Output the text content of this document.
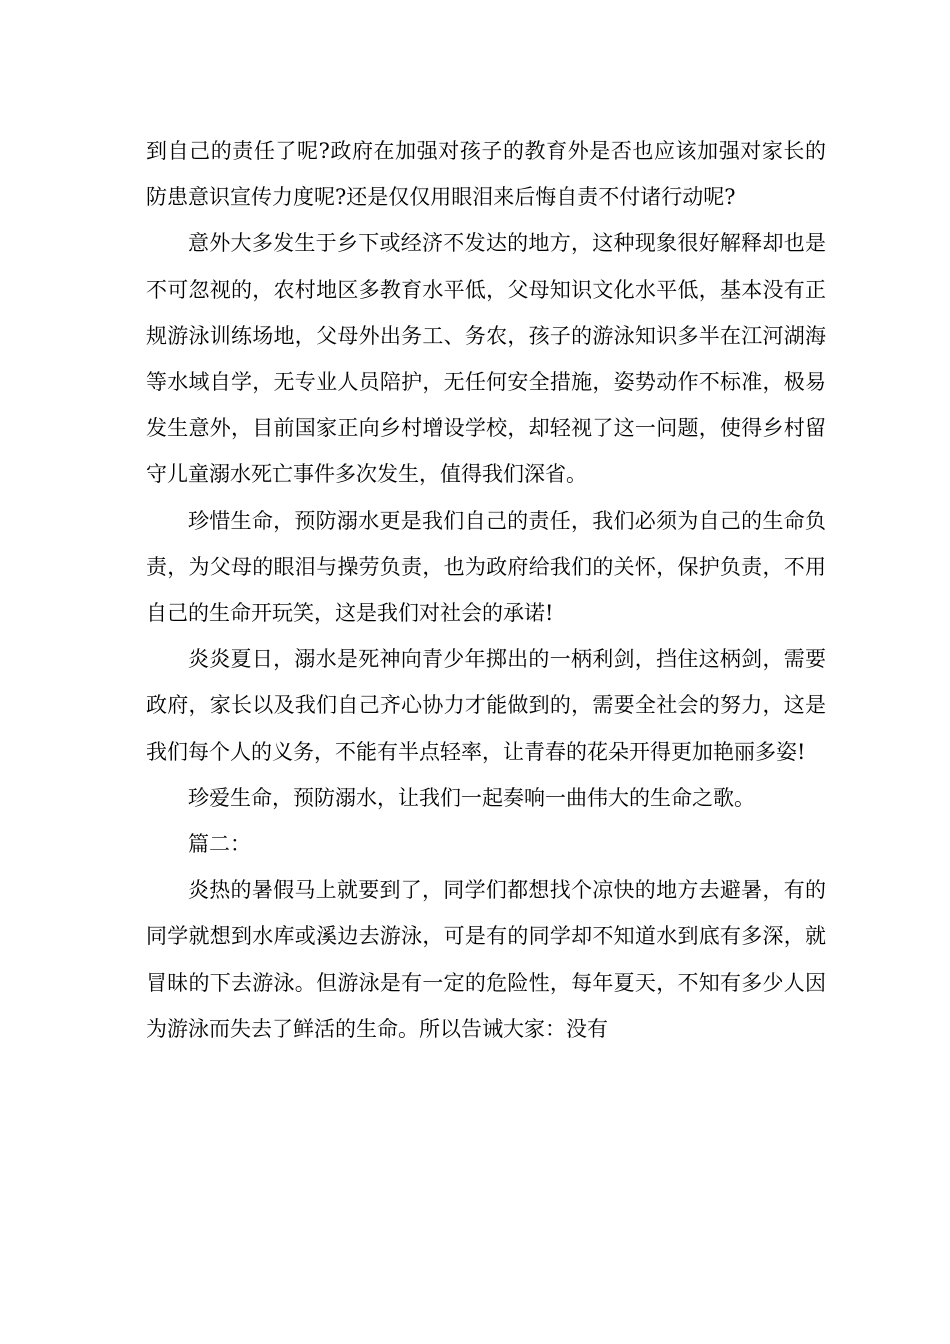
到自己的责任了呢?政府在加强对孩子的教育外是否也应该加强对家长的防患意识宣传力度呢?还是仅仅用眼泪来后悔自责不付诸行动呢?

意外大多发生于乡下或经济不发达的地方，这种现象很好解释却也是不可忽视的，农村地区多教育水平低，父母知识文化水平低，基本没有正规游泳训练场地，父母外出务工、务农，孩子的游泳知识多半在江河湖海等水域自学，无专业人员陪护，无任何安全措施，姿势动作不标准，极易发生意外，目前国家正向乡村增设学校，却轻视了这一问题，使得乡村留守儿童溺水死亡事件多次发生，值得我们深省。

珍惜生命，预防溺水更是我们自己的责任，我们必须为自己的生命负责，为父母的眼泪与操劳负责，也为政府给我们的关怀，保护负责，不用自己的生命开玩笑，这是我们对社会的承诺!

炎炎夏日，溺水是死神向青少年掷出的一柄利剑，挡住这柄剑，需要政府，家长以及我们自己齐心协力才能做到的，需要全社会的努力，这是我们每个人的义务，不能有半点轻率，让青春的花朵开得更加艳丽多姿!

珍爱生命，预防溺水，让我们一起奏响一曲伟大的生命之歌。

篇二：

炎热的暑假马上就要到了，同学们都想找个凉快的地方去避暑，有的同学就想到水库或溪边去游泳，可是有的同学却不知道水到底有多深，就冒昧的下去游泳。但游泳是有一定的危险性，每年夏天，不知有多少人因为游泳而失去了鲜活的生命。所以告诫大家：没有
